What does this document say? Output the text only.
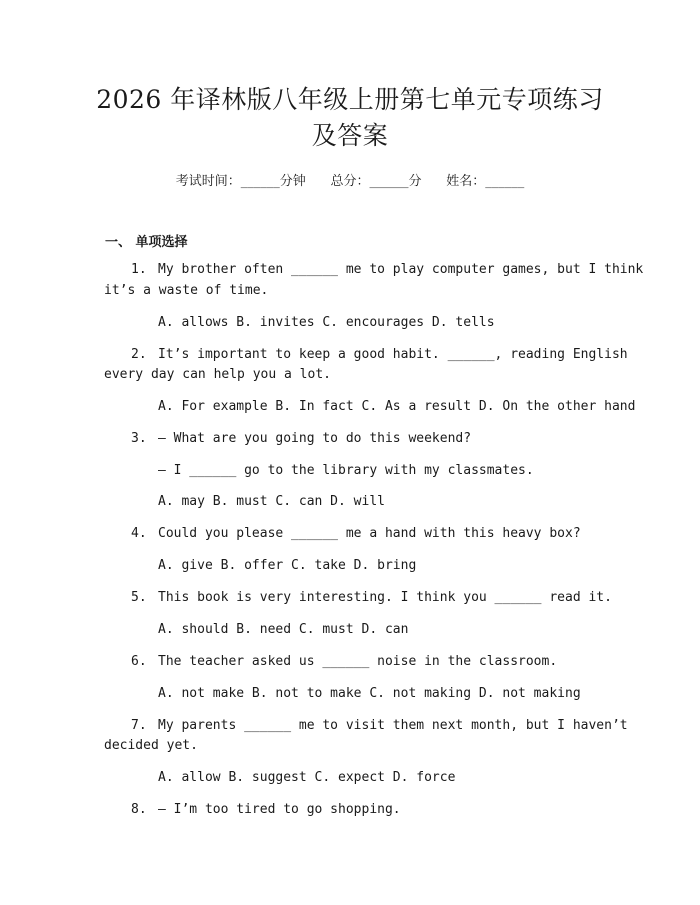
2026 年译林版八年级上册第七单元专项练习
及答案
考试时间：______分钟      总分：______分      姓名：______
一、 单项选择
1. My brother often ______ me to play computer games, but I think
it’s a waste of time.
A. allows B. invites C. encourages D. tells
2. It’s important to keep a good habit. ______, reading English
every day can help you a lot.
A. For example B. In fact C. As a result D. On the other hand
3. — What are you going to do this weekend?
— I ______ go to the library with my classmates.
A. may B. must C. can D. will
4. Could you please ______ me a hand with this heavy box?
A. give B. offer C. take D. bring
5. This book is very interesting. I think you ______ read it.
A. should B. need C. must D. can
6. The teacher asked us ______ noise in the classroom.
A. not make B. not to make C. not making D. not making
7. My parents ______ me to visit them next month, but I haven’t
decided yet.
A. allow B. suggest C. expect D. force
8. — I’m too tired to go shopping.
